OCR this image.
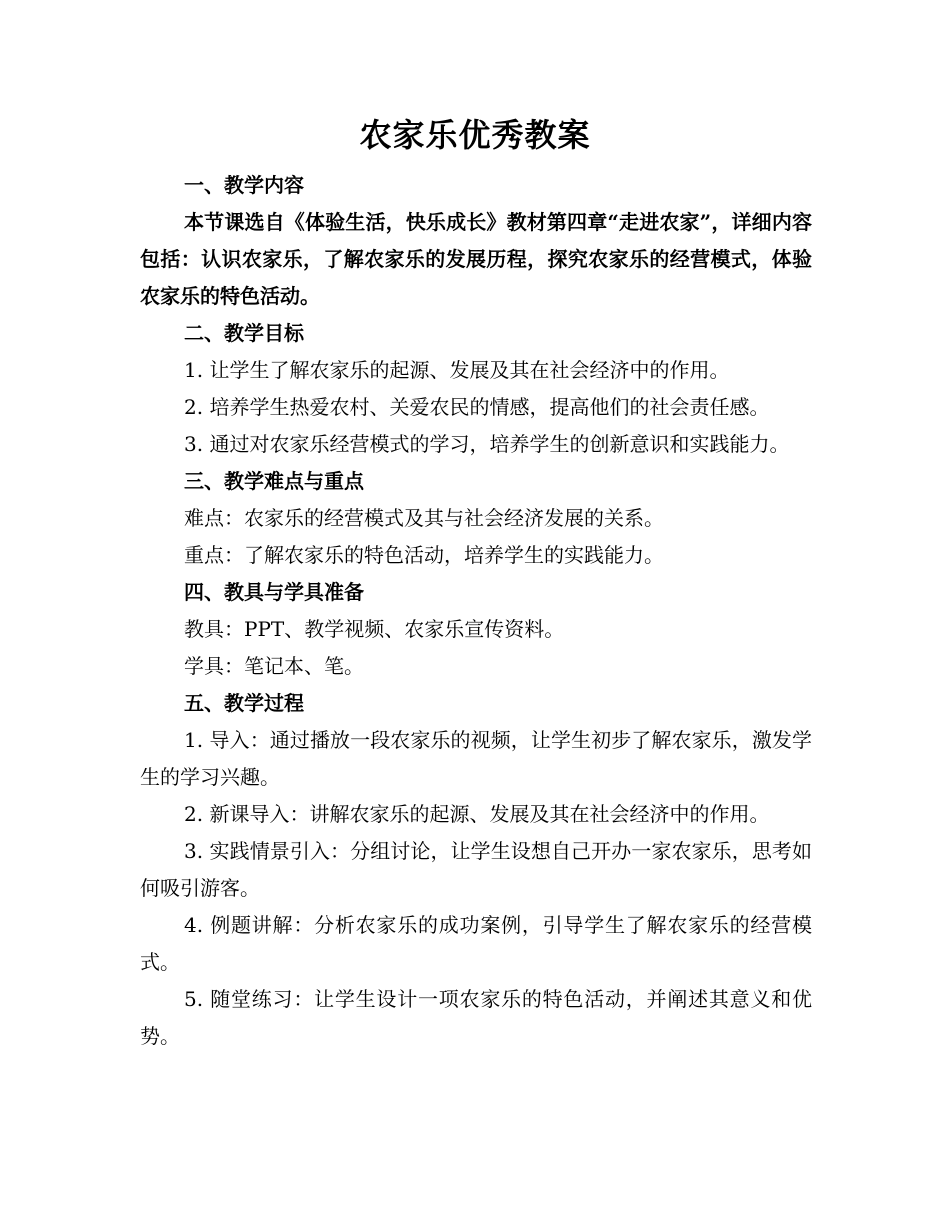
农家乐优秀教案

一、教学内容

本节课选自《体验生活，快乐成长》教材第四章“走进农家”，详细内容包括：认识农家乐，了解农家乐的发展历程，探究农家乐的经营模式，体验农家乐的特色活动。

二、教学目标

1. 让学生了解农家乐的起源、发展及其在社会经济中的作用。

2. 培养学生热爱农村、关爱农民的情感，提高他们的社会责任感。

3. 通过对农家乐经营模式的学习，培养学生的创新意识和实践能力。

三、教学难点与重点

难点：农家乐的经营模式及其与社会经济发展的关系。

重点：了解农家乐的特色活动，培养学生的实践能力。

四、教具与学具准备

教具：PPT、教学视频、农家乐宣传资料。

学具：笔记本、笔。

五、教学过程

1. 导入：通过播放一段农家乐的视频，让学生初步了解农家乐，激发学生的学习兴趣。

2. 新课导入：讲解农家乐的起源、发展及其在社会经济中的作用。

3. 实践情景引入：分组讨论，让学生设想自己开办一家农家乐，思考如何吸引游客。

4. 例题讲解：分析农家乐的成功案例，引导学生了解农家乐的经营模式。

5. 随堂练习：让学生设计一项农家乐的特色活动，并阐述其意义和优势。
